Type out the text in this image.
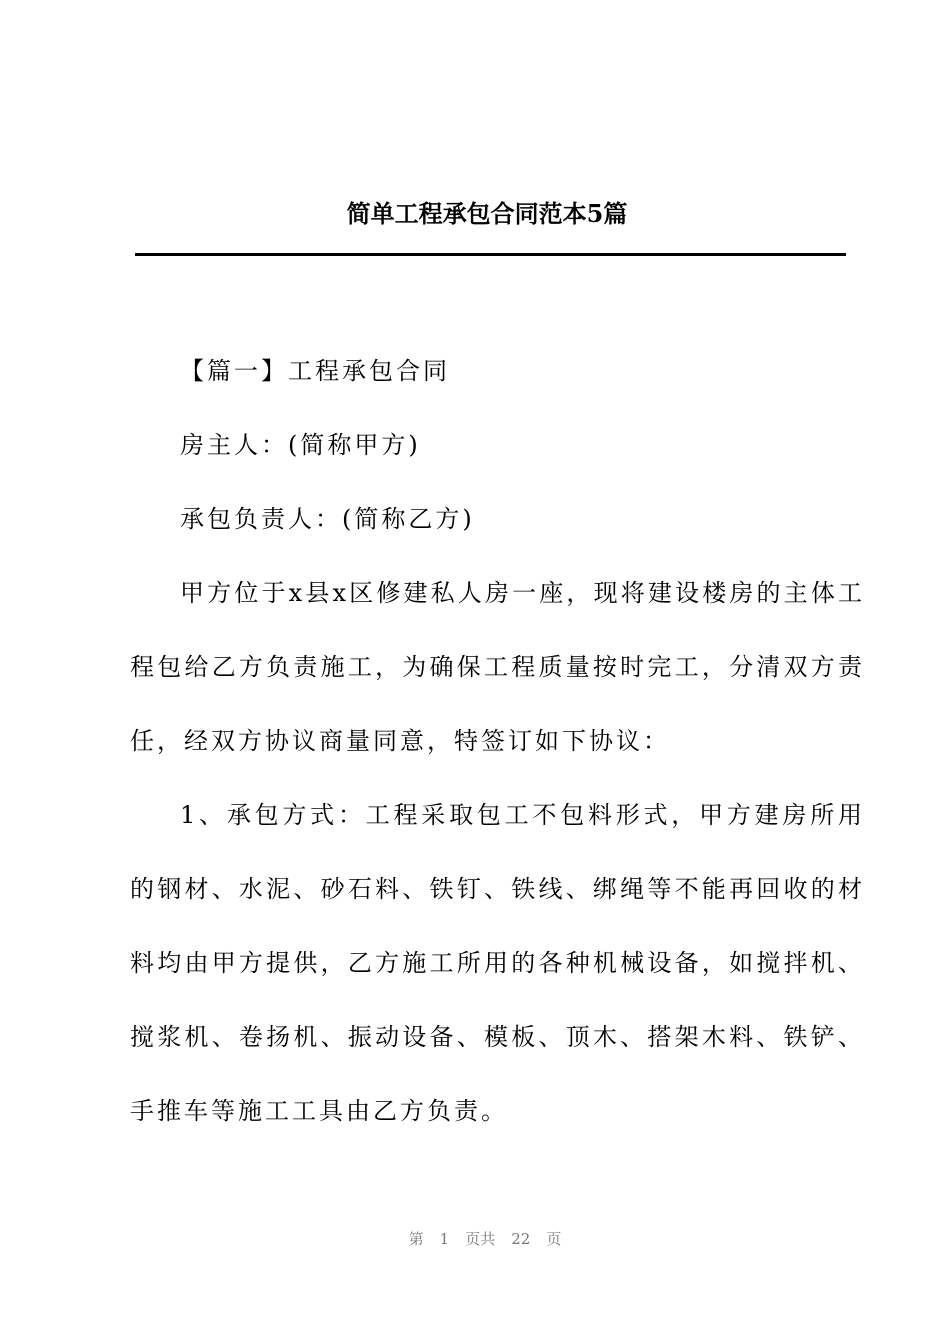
简单工程承包合同范本5篇

【篇一】工程承包合同

房主人：(简称甲方)

承包负责人：(简称乙方)

甲方位于x县x区修建私人房一座，现将建设楼房的主体工程包给乙方负责施工，为确保工程质量按时完工，分清双方责任，经双方协议商量同意，特签订如下协议：

1、承包方式：工程采取包工不包料形式，甲方建房所用的钢材、水泥、砂石料、铁钉、铁线、绑绳等不能再回收的材料均由甲方提供，乙方施工所用的各种机械设备，如搅拌机、搅浆机、卷扬机、振动设备、模板、顶木、搭架木料、铁铲、手推车等施工工具由乙方负责。

第 1 页共 22 页
